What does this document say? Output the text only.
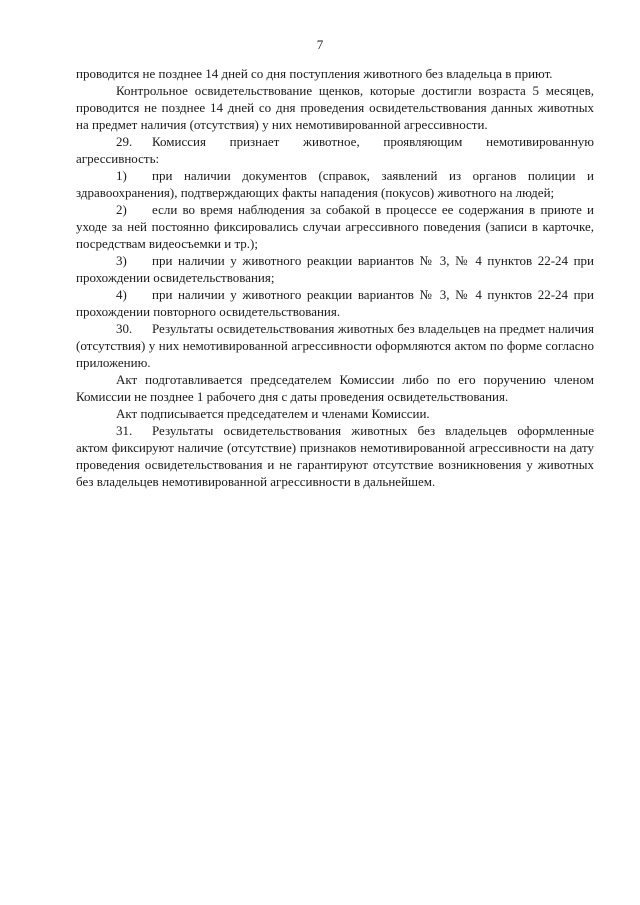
7

проводится не позднее 14 дней со дня поступления животного без владельца в приют.

Контрольное освидетельствование щенков, которые достигли возраста 5 месяцев, проводится не позднее 14 дней со дня проведения освидетельствования данных животных на предмет наличия (отсутствия) у них немотивированной агрессивности.

29. Комиссия признает животное, проявляющим немотивированную агрессивность:

1) при наличии документов (справок, заявлений из органов полиции и здравоохранения), подтверждающих факты нападения (покусов) животного на людей;

2) если во время наблюдения за собакой в процессе ее содержания в приюте и уходе за ней постоянно фиксировались случаи агрессивного поведения (записи в карточке, посредствам видеосъемки и тр.);

3) при наличии у животного реакции вариантов № 3, № 4 пунктов 22-24 при прохождении освидетельствования;

4) при наличии у животного реакции вариантов № 3, № 4 пунктов 22-24 при прохождении повторного освидетельствования.

30. Результаты освидетельствования животных без владельцев на предмет наличия (отсутствия) у них немотивированной агрессивности оформляются актом по форме согласно приложению.

Акт подготавливается председателем Комиссии либо по его поручению членом Комиссии не позднее 1 рабочего дня с даты проведения освидетельствования.

Акт подписывается председателем и членами Комиссии.

31. Результаты освидетельствования животных без владельцев оформленные актом фиксируют наличие (отсутствие) признаков немотивированной агрессивности на дату проведения освидетельствования и не гарантируют отсутствие возникновения у животных без владельцев немотивированной агрессивности в дальнейшем.
